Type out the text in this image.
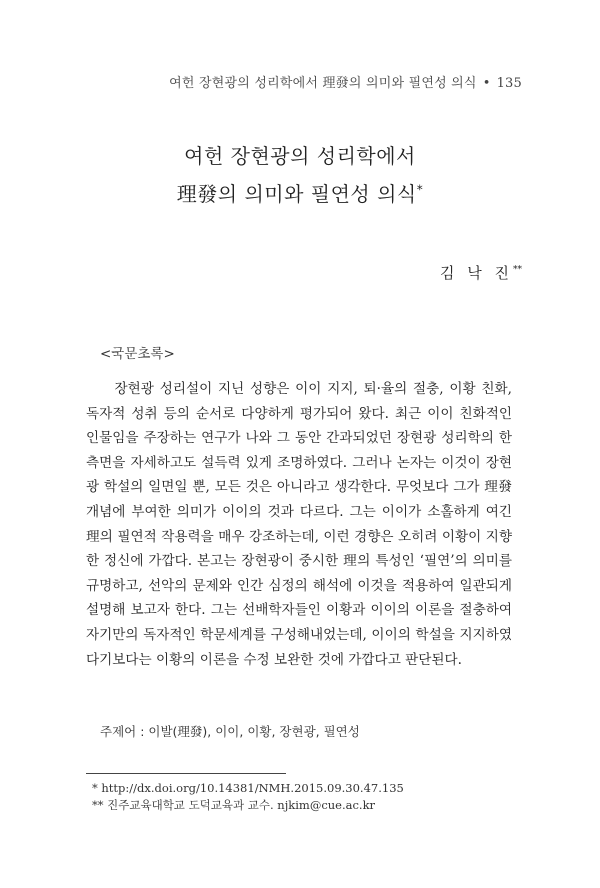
여헌 장현광의 성리학에서 理發의 의미와 필연성 의식 • 135
여헌 장현광의 성리학에서
理發의 의미와 필연성 의식*
김 낙 진**
<국문초록>

장현광 성리설이 지닌 성향은 이이 지지, 퇴·율의 절충, 이황 친화, 독자적 성취 등의 순서로 다양하게 평가되어 왔다. 최근 이이 친화적인 인물임을 주장하는 연구가 나와 그 동안 간과되었던 장현광 성리학의 한 측면을 자세하고도 설득력 있게 조명하였다. 그러나 논자는 이것이 장현광 학설의 일면일 뿐, 모든 것은 아니라고 생각한다. 무엇보다 그가 理發 개념에 부여한 의미가 이이의 것과 다르다. 그는 이이가 소홀하게 여긴 理의 필연적 작용력을 매우 강조하는데, 이런 경향은 오히려 이황이 지향한 정신에 가깝다. 본고는 장현광이 중시한 理의 특성인 ‘필연’의 의미를 규명하고, 선악의 문제와 인간 심정의 해석에 이것을 적용하여 일관되게 설명해 보고자 한다. 그는 선배학자들인 이황과 이이의 이론을 절충하여 자기만의 독자적인 학문세계를 구성해내었는데, 이이의 학설을 지지하였다기보다는 이황의 이론을 수정 보완한 것에 가깝다고 판단된다.

주제어 : 이발(理發), 이이, 이황, 장현광, 필연성
* http://dx.doi.org/10.14381/NMH.2015.09.30.47.135
** 진주교육대학교 도덕교육과 교수. njkim@cue.ac.kr
